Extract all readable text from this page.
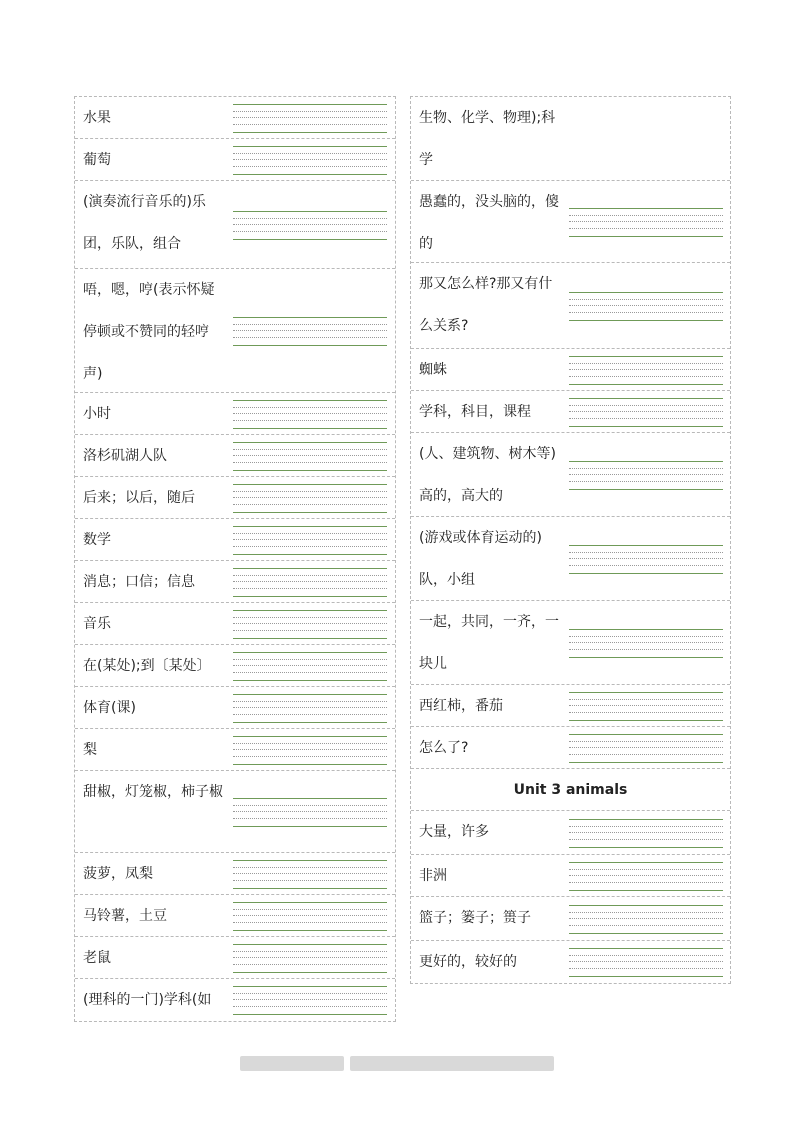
水果
葡萄
(演奏流行音乐的)乐团，乐队，组合
唔，嗯，哼(表示怀疑停顿或不赞同的轻哼声)
小时
洛杉矶湖人队
后来；以后，随后
数学
消息；口信；信息
音乐
在(某处);到〔某处〕
体育(课)
梨
甜椒，灯笼椒，柿子椒
菠萝，凤梨
马铃薯，土豆
老鼠
(理科的一门)学科(如
生物、化学、物理);科学
愚蠢的，没头脑的，傻的
那又怎么样?那又有什么关系?
蜘蛛
学科，科目，课程
(人、建筑物、树木等)高的，高大的
(游戏或体育运动的)队，小组
一起，共同，一齐，一块儿
西红柿，番茄
怎么了?
Unit 3 animals
大量，许多
非洲
篮子；篓子；篑子
更好的，较好的
